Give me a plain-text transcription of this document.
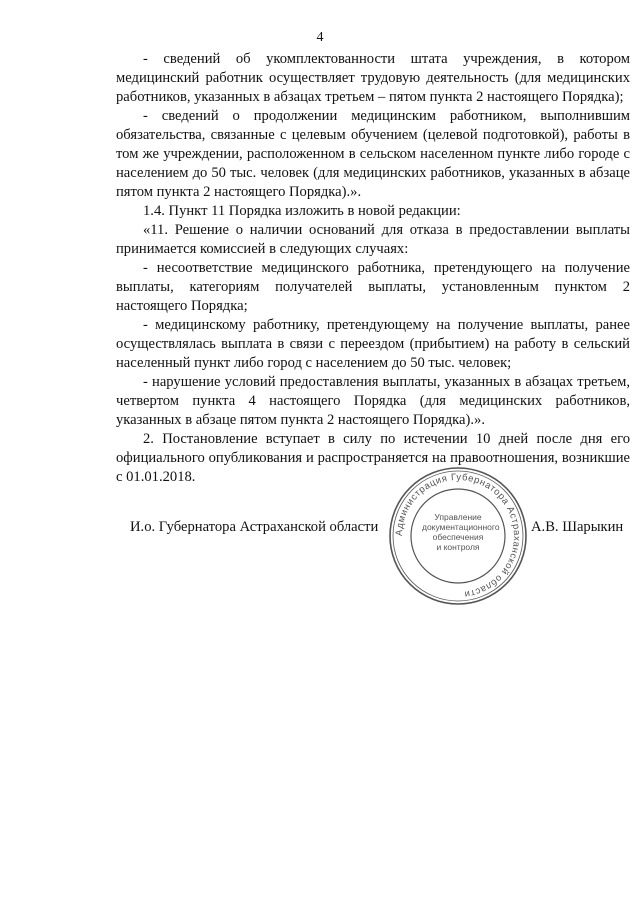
4

- сведений об укомплектованности штата учреждения, в котором медицинский работник осуществляет трудовую деятельность (для медицинских работников, указанных в абзацах третьем – пятом пункта 2 настоящего Порядка);

- сведений о продолжении медицинским работником, выполнившим обязательства, связанные с целевым обучением (целевой подготовкой), работы в том же учреждении, расположенном в сельском населенном пункте либо городе с населением до 50 тыс. человек (для медицинских работников, указанных в абзаце пятом пункта 2 настоящего Порядка).».

1.4. Пункт 11 Порядка изложить в новой редакции:

«11. Решение о наличии оснований для отказа в предоставлении выплаты принимается комиссией в следующих случаях:

- несоответствие медицинского работника, претендующего на получение выплаты, категориям получателей выплаты, установленным пунктом 2 настоящего Порядка;

- медицинскому работнику, претендующему на получение выплаты, ранее осуществлялась выплата в связи с переездом (прибытием) на работу в сельский населенный пункт либо город с населением до 50 тыс. человек;

- нарушение условий предоставления выплаты, указанных в абзацах третьем, четвертом пункта 4 настоящего Порядка (для медицинских работников, указанных в абзаце пятом пункта 2 настоящего Порядка).».

2. Постановление вступает в силу по истечении 10 дней после дня его официального опубликования и распространяется на правоотношения, возникшие с 01.01.2018.

И.о. Губернатора Астраханской области	А.В. Шарыкин
Администрация Губернатора Астраханской области
Управление
документационного
обеспечения
и контроля
